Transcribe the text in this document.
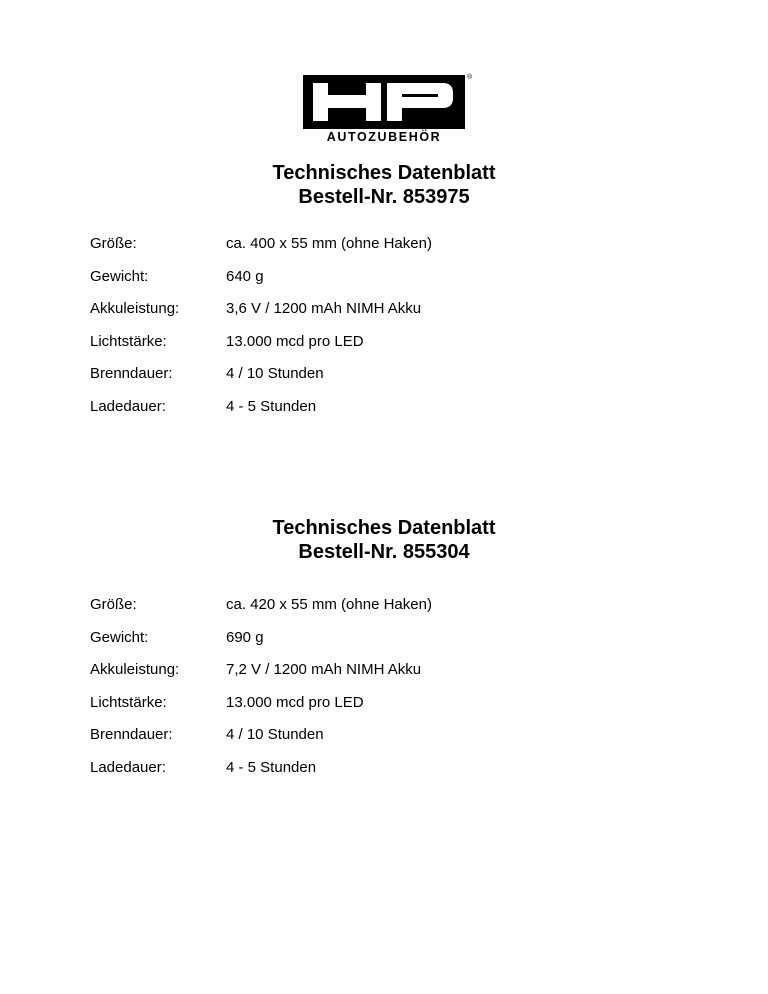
®
AUTOZUBEHÖR
Technisches Datenblatt
Bestell-Nr. 853975
Größe:	ca. 400 x 55 mm (ohne Haken)
Gewicht:	640 g
Akkuleistung:	3,6 V / 1200 mAh NIMH Akku
Lichtstärke:	13.000 mcd pro LED
Brenndauer:	4 / 10 Stunden
Ladedauer:	4 - 5 Stunden
Technisches Datenblatt
Bestell-Nr. 855304
Größe:	ca. 420 x 55 mm (ohne Haken)
Gewicht:	690 g
Akkuleistung:	7,2 V / 1200 mAh NIMH Akku
Lichtstärke:	13.000 mcd pro LED
Brenndauer:	4 / 10 Stunden
Ladedauer:	4 - 5 Stunden
